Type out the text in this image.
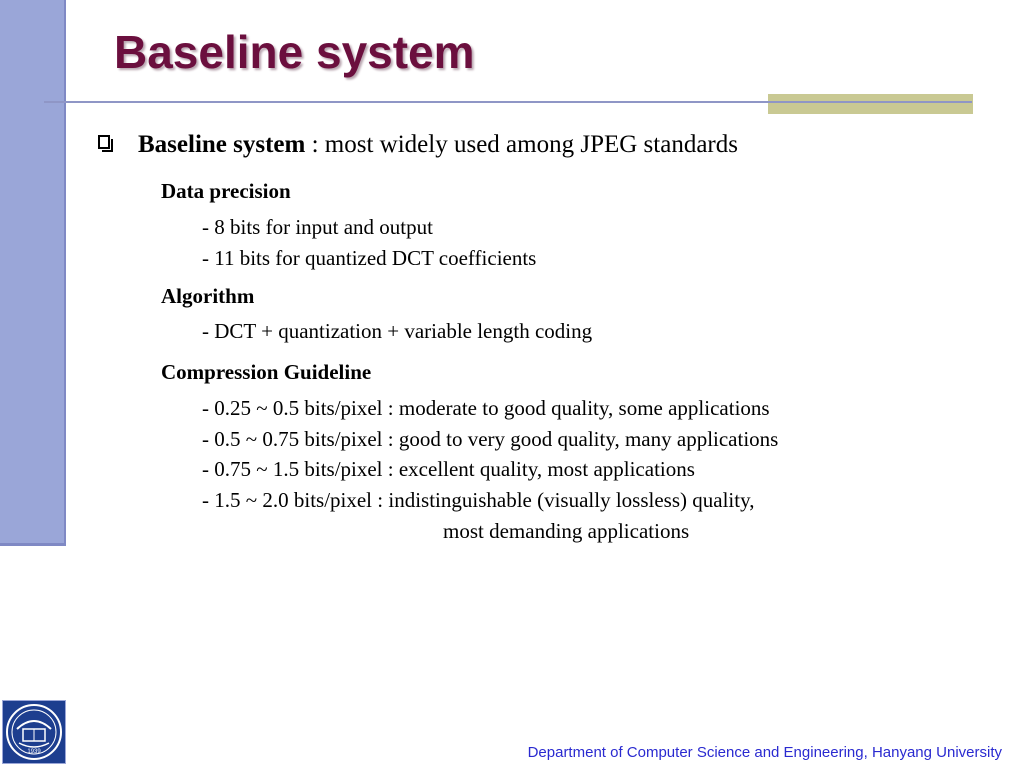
Baseline system
Baseline system : most widely used among JPEG standards
Data precision
- 8 bits for input and output
- 11 bits for quantized DCT coefficients
Algorithm
- DCT + quantization + variable length coding
Compression Guideline
- 0.25 ~ 0.5 bits/pixel : moderate to good quality, some applications
- 0.5 ~ 0.75 bits/pixel : good to very good quality, many applications
- 0.75 ~ 1.5 bits/pixel : excellent quality, most applications
- 1.5 ~ 2.0 bits/pixel : indistinguishable (visually lossless) quality,
most demanding applications
1939	Department of Computer Science and Engineering, Hanyang University
